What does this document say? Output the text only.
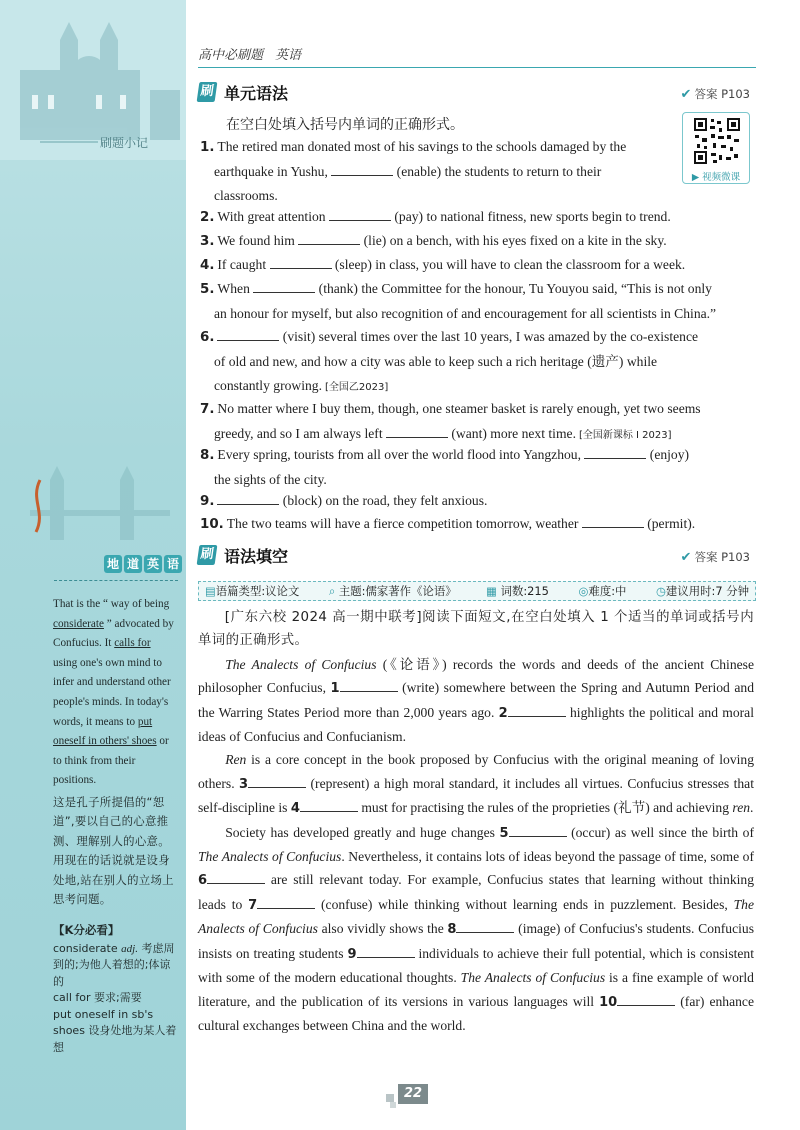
刷题小记
地 道 英 语
That is the “ way of being considerate ” advocated by Confucius. It calls for using one's own mind to infer and understand other people's minds. In today's words, it means to put oneself in others' shoes or to think from their positions.
这是孔子所提倡的“恕道”,要以自己的心意推测、理解别人的心意。用现在的话说就是设身处地,站在别人的立场上思考问题。
【K分必看】
considerate adj. 考虑周到的;为他人着想的;体谅的
call for 要求;需要
put oneself in sb's shoes 设身处地为某人着想
高中必刷题 英语
刷 单元语法	✔ 答案 P103
在空白处填入括号内单词的正确形式。
▶ 视频微课
1. The retired man donated most of his savings to the schools damaged by the
earthquake in Yushu,	(enable) the students to return to their
classrooms.
2. With great attention	(pay) to national fitness, new sports begin to trend.
3. We found him	(lie) on a bench, with his eyes fixed on a kite in the sky.
4. If caught	(sleep) in class, you will have to clean the classroom for a week.
5. When	(thank) the Committee for the honour, Tu Youyou said, “This is not only
an honour for myself, but also recognition of and encouragement for all scientists in China.”
6.	(visit) several times over the last 10 years, I was amazed by the co-existence
of old and new, and how a city was able to keep such a rich heritage (遗产) while
constantly growing. [全国乙2023]
7. No matter where I buy them, though, one steamer basket is rarely enough, yet two seems
greedy, and so I am always left	(want) more next time. [全国新课标 I 2023]
8. Every spring, tourists from all over the world flood into Yangzhou,	(enjoy)
the sights of the city.
9.	(block) on the road, they felt anxious.
10. The two teams will have a fierce competition tomorrow, weather	(permit).
刷 语法填空	✔ 答案 P103
▤语篇类型:议论文	⌕ 主题:儒家著作《论语》	▦ 词数:215	◎难度:中	◷建议用时:7 分钟

[广东六校 2024 高一期中联考]阅读下面短文,在空白处填入 1 个适当的单词或括号内单词的正确形式。

The Analects of Confucius (《论语》) records the words and deeds of the ancient Chinese philosopher Confucius, 1	(write) somewhere between the Spring and Autumn Period and the Warring States Period more than 2,000 years ago. 2	highlights the political and moral ideas of Confucius and Confucianism.

Ren is a core concept in the book proposed by Confucius with the original meaning of loving others. 3	(represent) a high moral standard, it includes all virtues. Confucius stresses that self-discipline is 4	must for practising the rules of the proprieties (礼节) and achieving ren.

Society has developed greatly and huge changes 5	(occur) as well since the birth of The Analects of Confucius. Nevertheless, it contains lots of ideas beyond the passage of time, some of 6	are still relevant today. For example, Confucius states that learning without thinking leads to 7	(confuse) while thinking without learning ends in puzzlement. Besides, The Analects of Confucius also vividly shows the 8	(image) of Confucius's students. Confucius insists on treating students 9	individuals to achieve their full potential, which is consistent with some of the modern educational thoughts. The Analects of Confucius is a fine example of world literature, and the publication of its versions in various languages will 10	(far) enhance cultural exchanges between China and the world.

22
